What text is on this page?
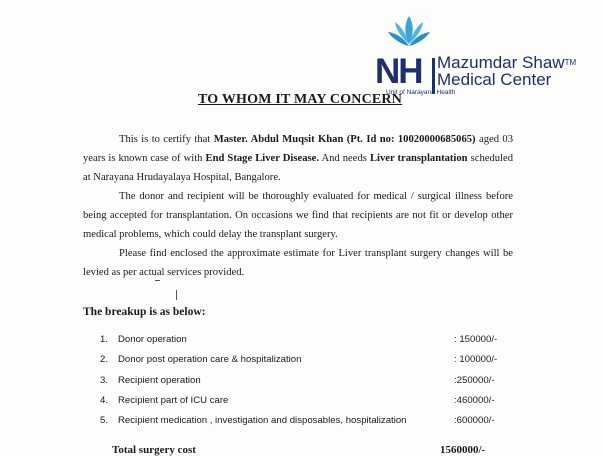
NH Mazumdar Shaw™
Medical Center
Unit of Narayana Health
TO WHOM IT MAY CONCERN
This is to certify that Master. Abdul Muqsit Khan (Pt. Id no: 10020000685065) aged 03 years is known case of with End Stage Liver Disease. And needs Liver transplantation scheduled at Narayana Hrudayalaya Hospital, Bangalore.
The donor and recipient will be thoroughly evaluated for medical / surgical illness before being accepted for transplantation. On occasions we find that recipients are not fit or develop other medical problems, which could delay the transplant surgery.
Please find enclosed the approximate estimate for Liver transplant surgery changes will be levied as per actual services provided.
The breakup is as below:
1.	Donor operation	: 150000/-
2.	Donor post operation care & hospitalization	: 100000/-
3.	Recipient operation	:250000/-
4.	Recipient part of ICU care	:460000/-
5.	Recipient medication , investigation and disposables, hospitalization	:600000/-
Total surgery cost	1560000/-
